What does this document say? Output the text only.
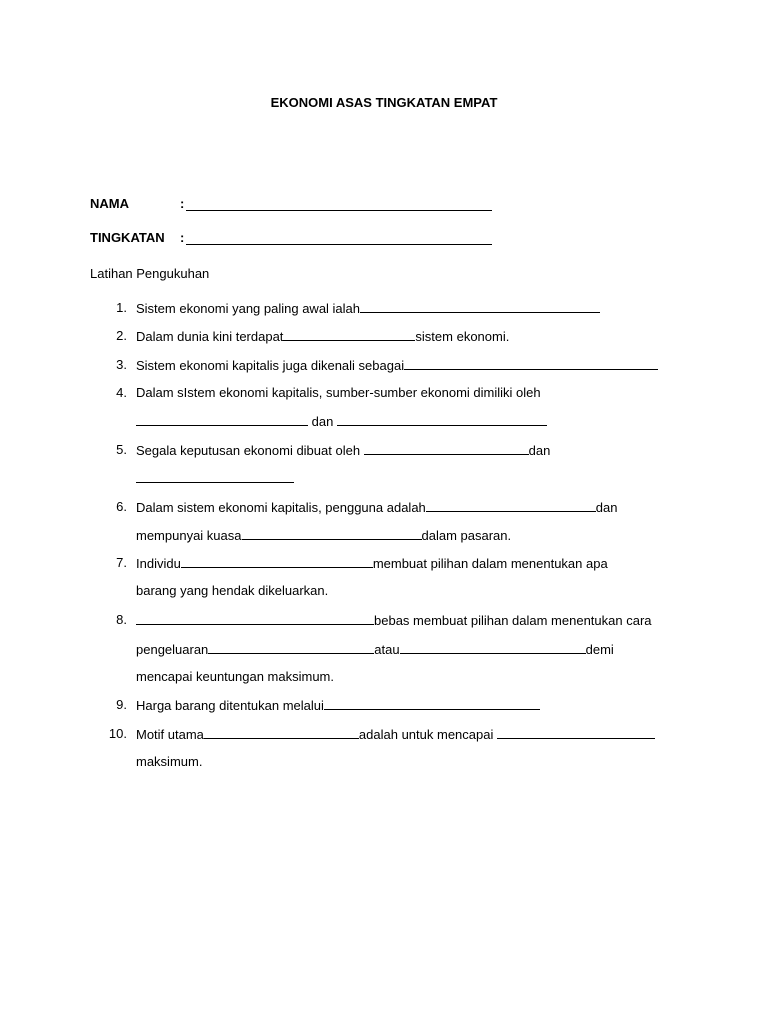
EKONOMI ASAS TINGKATAN EMPAT
NAMA	:
TINGKATAN	:
Latihan Pengukuhan
1. Sistem ekonomi yang paling awal ialah
2. Dalam dunia kini terdapat	sistem ekonomi.
3. Sistem ekonomi kapitalis juga dikenali sebagai
4. Dalam sIstem ekonomi kapitalis, sumber-sumber ekonomi dimiliki oleh
dan
5. Segala keputusan ekonomi dibuat oleh	dan
6. Dalam sistem ekonomi kapitalis, pengguna adalah	dan
mempunyai kuasa	dalam pasaran.
7. Individu	membuat pilihan dalam menentukan apa
barang yang hendak dikeluarkan.
8.	bebas membuat pilihan dalam menentukan cara
pengeluaran	atau	demi
mencapai keuntungan maksimum.
9. Harga barang ditentukan melalui
10. Motif utama	adalah untuk mencapai
maksimum.
